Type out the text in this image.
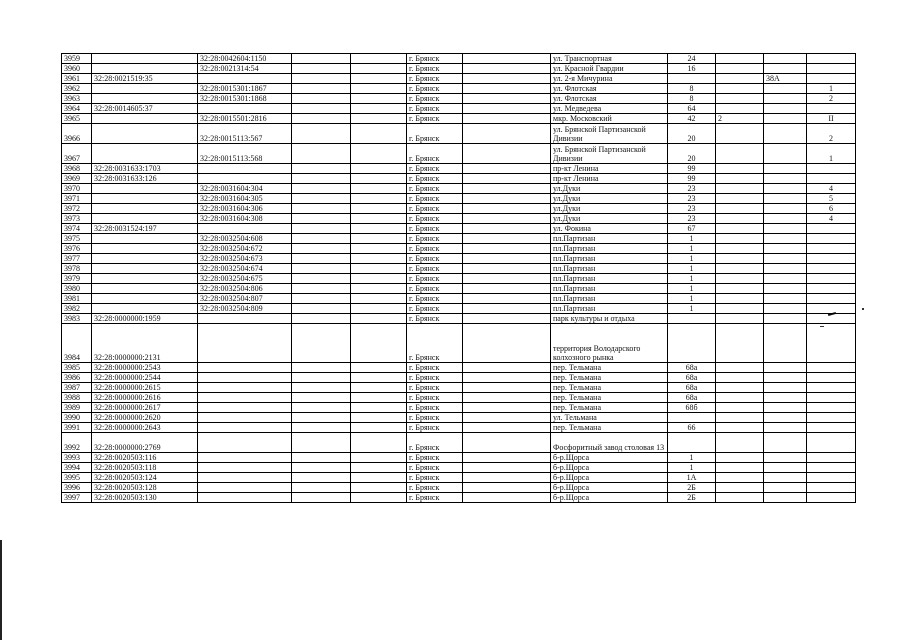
3959		32:28:0042604:1150			г. Брянск		ул. Транспортная	24			
3960		32:28:0021314:54			г. Брянск		ул. Красной Гвардии	16			
3961	32:28:0021519:35				г. Брянск		ул. 2-я Мичурина			38А	
3962		32:28:0015301:1867			г. Брянск		ул. Флотская	8			1
3963		32:28:0015301:1868			г. Брянск		ул. Флотская	8			2
3964	32:28:0014605:37				г. Брянск		ул. Медведева	64			
3965		32:28:0015501:2816			г. Брянск		мкр. Московский	42	2		II
3966		32:28:0015113:567			г. Брянск		ул. Брянской Партизанской Дивизии	20			2
3967		32:28:0015113:568			г. Брянск		ул. Брянской Партизанской Дивизии	20			1
3968	32:28:0031633:1703				г. Брянск		пр-кт Ленина	99			
3969	32:28:0031633:126				г. Брянск		пр-кт Ленина	99			
3970		32:28:0031604:304			г. Брянск		ул.Дуки	23			4
3971		32:28:0031604:305			г. Брянск		ул.Дуки	23			5
3972		32:28:0031604:306			г. Брянск		ул.Дуки	23			6
3973		32:28:0031604:308			г. Брянск		ул.Дуки	23			4
3974	32:28:0031524:197				г. Брянск		ул. Фокина	67			
3975		32:28:0032504:608			г. Брянск		пл.Партизан	1			
3976		32:28:0032504:672			г. Брянск		пл.Партизан	1			
3977		32:28:0032504:673			г. Брянск		пл.Партизан	1			
3978		32:28:0032504:674			г. Брянск		пл.Партизан	1			
3979		32:28:0032504:675			г. Брянск		пл.Партизан	1			
3980		32:28:0032504:806			г. Брянск		пл.Партизан	1			
3981		32:28:0032504:807			г. Брянск		пл.Партизан	1			
3982		32:28:0032504:809			г. Брянск		пл.Партизан	1			
3983	32:28:0000000:1959				г. Брянск		парк культуры и отдыха				
3984	32:28:0000000:2131				г. Брянск		территория Володарского колхозного рынка				
3985	32:28:0000000:2543				г. Брянск		пер. Тельмана	68а			
3986	32:28:0000000:2544				г. Брянск		пер. Тельмана	68а			
3987	32:28:0000000:2615				г. Брянск		пер. Тельмана	68а			
3988	32:28:0000000:2616				г. Брянск		пер. Тельмана	68а			
3989	32:28:0000000:2617				г. Брянск		пер. Тельмана	68б			
3990	32:28:0000000:2620				г. Брянск		ул. Тельмана				
3991	32:28:0000000:2643				г. Брянск		пер. Тельмана	66			
3992	32:28:0000000:2769				г. Брянск		Фосфоритный завод столовая 13				
3993	32:28:0020503:116				г. Брянск		б-р.Щорса	1			
3994	32:28:0020503:118				г. Брянск		б-р.Щорса	1			
3995	32:28:0020503:124				г. Брянск		б-р.Щорса	1А			
3996	32:28:0020503:128				г. Брянск		б-р.Щорса	2Б			
3997	32:28:0020503:130				г. Брянск		б-р.Щорса	2Б			
